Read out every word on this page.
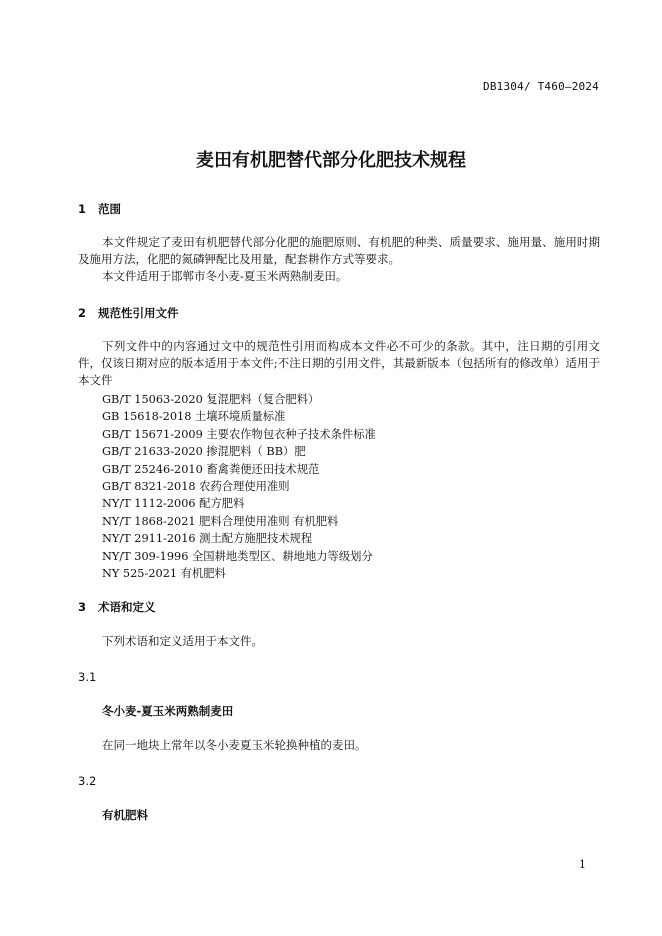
DB1304/ T460—2024
麦田有机肥替代部分化肥技术规程
1 范围
本文件规定了麦田有机肥替代部分化肥的施肥原则、有机肥的种类、质量要求、施用量、施用时期及施用方法，化肥的氮磷钾配比及用量，配套耕作方式等要求。
本文件适用于邯郸市冬小麦-夏玉米两熟制麦田。
2 规范性引用文件
下列文件中的内容通过文中的规范性引用而构成本文件必不可少的条款。其中，注日期的引用文件，仅该日期对应的版本适用于本文件;不注日期的引用文件，其最新版本（包括所有的修改单）适用于本文件
GB/T 15063-2020 复混肥料（复合肥料）
GB 15618-2018 土壤环境质量标准
GB/T 15671-2009 主要农作物包衣种子技术条件标准
GB/T 21633-2020 掺混肥料（ BB）肥
GB/T 25246-2010 畜禽粪便还田技术规范
GB/T 8321-2018 农药合理使用准则
NY/T 1112-2006 配方肥料
NY/T 1868-2021 肥料合理使用准则 有机肥料
NY/T 2911-2016 测土配方施肥技术规程
NY/T 309-1996 全国耕地类型区、耕地地力等级划分
NY 525-2021 有机肥料
3 术语和定义
下列术语和定义适用于本文件。
3.1
冬小麦-夏玉米两熟制麦田
在同一地块上常年以冬小麦夏玉米轮换种植的麦田。
3.2
有机肥料
1
